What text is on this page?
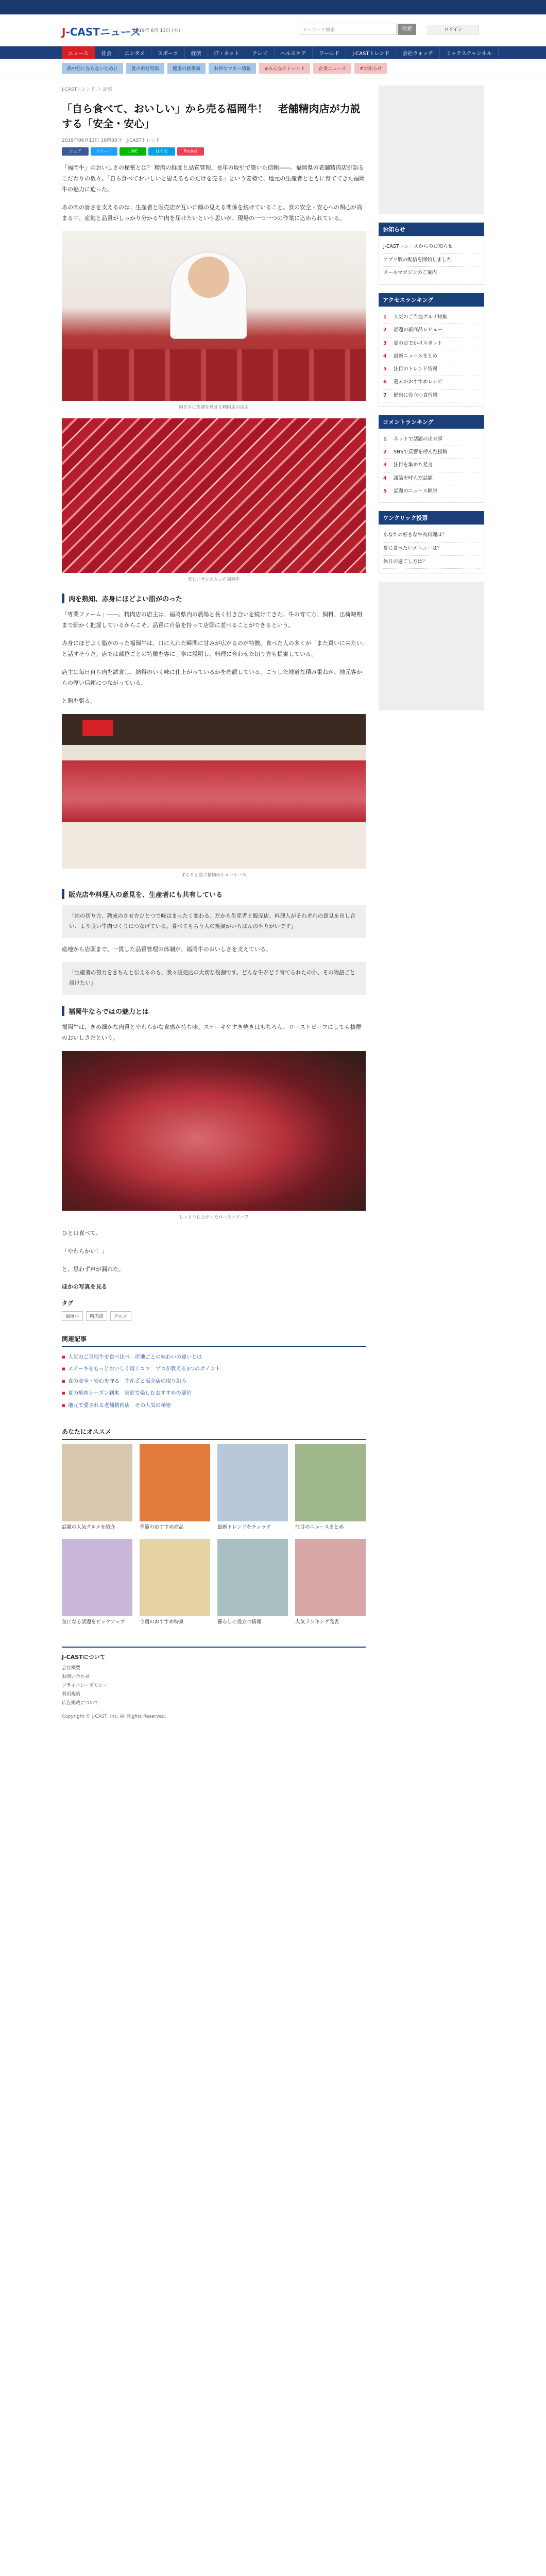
J-CASTニュース
2019年 6月 13日 (木)	キーワード検索	検索	ログイン
ニュース	社会	エンタメ	スポーツ	経済	IT・ネット	テレビ	ヘルスケア	ワールド	J-CASTトレンド	会社ウォッチ	ミックスチャンネル
熱中症にならないために	夏の旅行特集	健康の新常識	お得なマネー情報	#みんなのトレンド	企業ニュース	#お知らせ
J-CASTトレンド ＞ 記事
「自ら食べて、おいしい」から売る福岡牛！　老舗精肉店が力説する「安全・安心」
2019年06月13日 16時00分　J-CASTトレンド
シェア	ツイート	LINE	はてな	Pocket

「福岡牛」のおいしさの秘密とは？ 精肉の鮮度と品質管理、長年の取引で築いた信頼――。福岡県の老舗精肉店が語るこだわりの数々。「自ら食べておいしいと思えるものだけを売る」という姿勢で、地元の生産者とともに育ててきた福岡牛の魅力に迫った。

あの肉の旨さを支えるのは、生産者と販売店が互いに顔の見える関係を続けていること。食の安全・安心への関心が高まる中、産地と品質がしっかり分かる牛肉を届けたいという思いが、現場の一つ一つの作業に込められている。

肉を手に笑顔を見せる精肉店の店主
美しいサシの入った福岡牛
肉を熟知、赤身にほどよい脂がのった

「専業ファーム」――。精肉店の店主は、福岡県内の農場と長く付き合いを続けてきた。牛の育て方、飼料、出荷時期まで細かく把握しているからこそ、品質に自信を持って店頭に並べることができるという。

赤身にほどよく脂がのった福岡牛は、口に入れた瞬間に甘みが広がるのが特徴。食べた人の多くが「また買いに来たい」と話すそうだ。店では部位ごとの特徴を客に丁寧に説明し、料理に合わせた切り方も提案している。

店主は毎日自ら肉を試食し、納得のいく味に仕上がっているかを確認している。こうした地道な積み重ねが、地元客からの厚い信頼につながっている。

と胸を張る。

ずらりと並ぶ精肉のショーケース
販売店や料理人の意見を、生産者にも共有している
「肉の切り方、熟成のさせ方ひとつで味はまったく変わる。だから生産者と販売店、料理人がそれぞれの意見を出し合い、より良い牛肉づくりにつなげている。食べてもらう人の笑顔がいちばんのやりがいです」

産地から店頭まで、一貫した品質管理の体制が、福岡牛のおいしさを支えている。

「生産者の努力をきちんと伝えるのも、我々販売店の大切な役割です。どんな牛がどう育てられたのか、その物語ごと届けたい」
福岡牛ならではの魅力とは

福岡牛は、きめ細かな肉質とやわらかな食感が持ち味。ステーキやすき焼きはもちろん、ローストビーフにしても抜群のおいしさだという。

しっとり仕上がったローストビーフ

ひと口食べて、

「やわらかい！」

と、思わず声が漏れた。

ほかの写真を見る
タグ
福岡牛	精肉店	グルメ
関連記事
■ 人気のご当地牛を食べ比べ　産地ごとの味わいの違いとは
■ ステーキをもっとおいしく焼くコツ　プロが教える3つのポイント
■ 食の安全・安心を守る　生産者と販売店の取り組み
■ 夏の焼肉シーズン到来　家庭で楽しむおすすめの部位
■ 地元で愛される老舗精肉店　その人気の秘密
あなたにオススメ
話題の人気グルメを紹介	季節のおすすめ商品	最新トレンドをチェック	注目のニュースまとめ
気になる話題をピックアップ	今週のおすすめ特集	暮らしに役立つ情報	人気ランキング発表
J-CASTについて
会社概要
お問い合わせ
プライバシーポリシー
利用規約
広告掲載について
Copyright © J-CAST, Inc. All Rights Reserved.
お知らせ
J-CASTニュースからのお知らせ
アプリ版の配信を開始しました
メールマガジンのご案内
アクセスランキング
1	人気のご当地グルメ特集
2	話題の新商品レビュー
3	夏のおでかけスポット
4	最新ニュースまとめ
5	注目のトレンド情報
6	週末のおすすめレシピ
7	健康に役立つ食習慣
コメントランキング
1	ネットで話題の出来事
2	SNSで反響を呼んだ投稿
3	注目を集めた発言
4	議論を呼んだ話題
5	話題のニュース解説
ワンクリック投票
あなたの好きな牛肉料理は？
夏に食べたいメニューは？
休日の過ごし方は？
